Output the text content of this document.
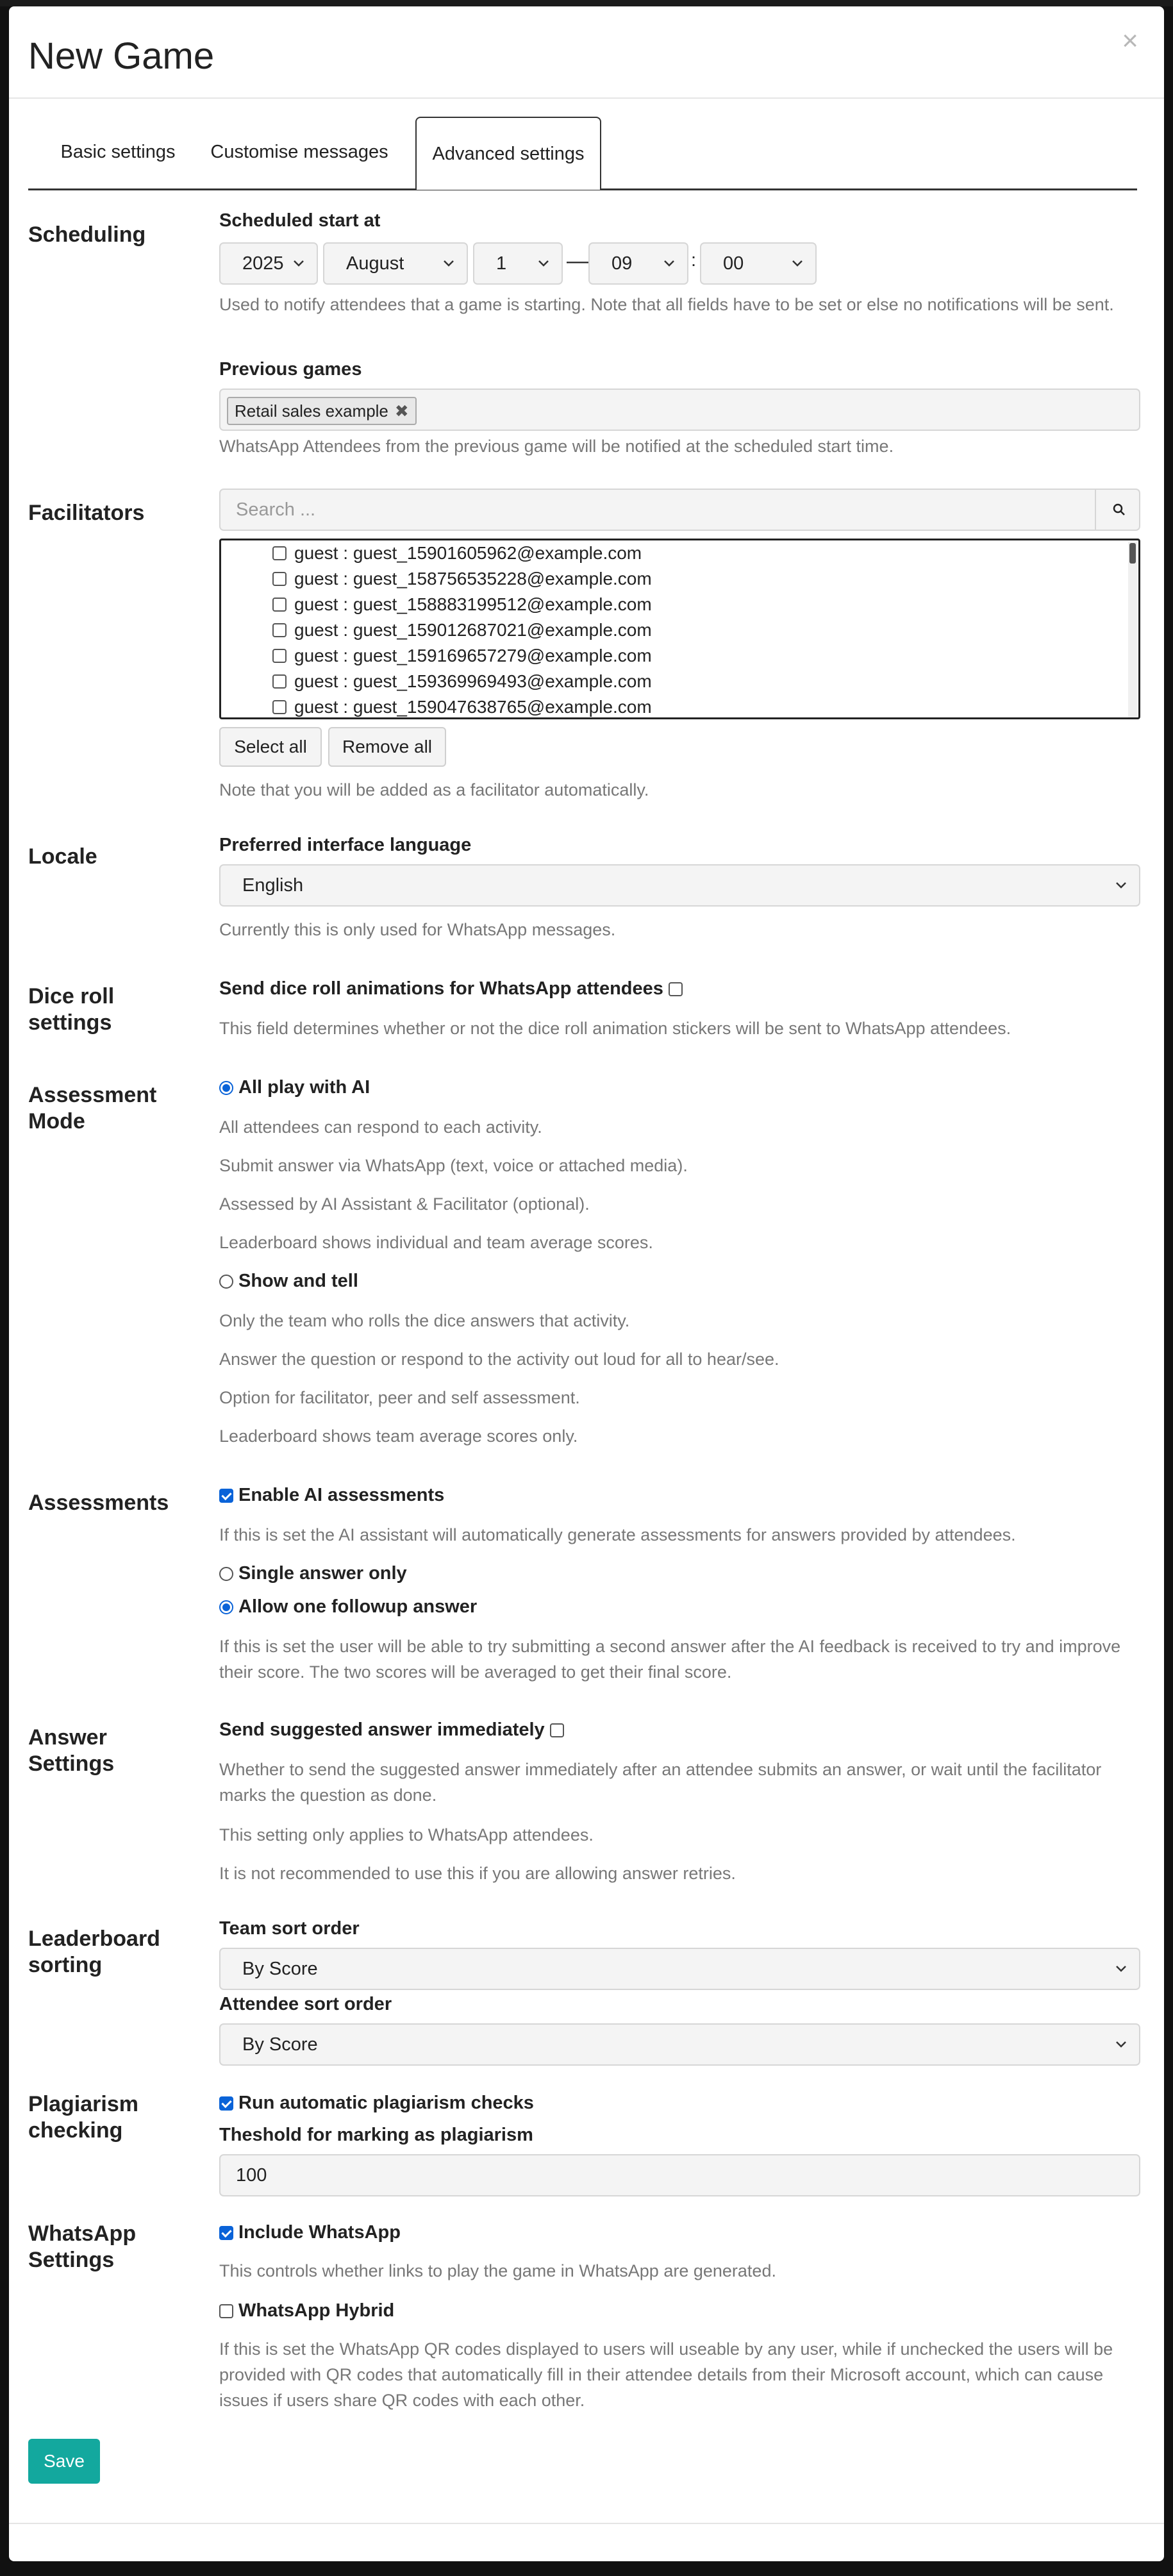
New Game	×
Basic settings	Customise messages	Advanced settings
Scheduling
Scheduled start at
2025	August	1	— 09	: 00
Used to notify attendees that a game is starting. Note that all fields have to be set or else no notifications will be sent.
Previous games
Retail sales example ✖
WhatsApp Attendees from the previous game will be notified at the scheduled start time.
Facilitators	Search ...
guest : guest_15901605962@example.com
guest : guest_158756535228@example.com
guest : guest_158883199512@example.com
guest : guest_159012687021@example.com
guest : guest_159169657279@example.com
guest : guest_159369969493@example.com
guest : guest_159047638765@example.com
Select all	Remove all
Note that you will be added as a facilitator automatically.
Locale	Preferred interface language
English
Currently this is only used for WhatsApp messages.
Dice roll
settings
Send dice roll animations for WhatsApp attendees
This field determines whether or not the dice roll animation stickers will be sent to WhatsApp attendees.
Assessment
Mode
All play with AI
All attendees can respond to each activity.
Submit answer via WhatsApp (text, voice or attached media).
Assessed by AI Assistant & Facilitator (optional).
Leaderboard shows individual and team average scores.
Show and tell
Only the team who rolls the dice answers that activity.
Answer the question or respond to the activity out loud for all to hear/see.
Option for facilitator, peer and self assessment.
Leaderboard shows team average scores only.
Assessments	Enable AI assessments
If this is set the AI assistant will automatically generate assessments for answers provided by attendees.
Single answer only
Allow one followup answer
If this is set the user will be able to try submitting a second answer after the AI feedback is received to try and improve their score. The two scores will be averaged to get their final score.
Answer
Settings
Send suggested answer immediately
Whether to send the suggested answer immediately after an attendee submits an answer, or wait until the facilitator marks the question as done.
This setting only applies to WhatsApp attendees.
It is not recommended to use this if you are allowing answer retries.
Leaderboard
sorting
Team sort order
By Score
Attendee sort order
By Score
Plagiarism
checking
Run automatic plagiarism checks
Theshold for marking as plagiarism
100
WhatsApp
Settings
Include WhatsApp
This controls whether links to play the game in WhatsApp are generated.
WhatsApp Hybrid
If this is set the WhatsApp QR codes displayed to users will useable by any user, while if unchecked the users will be provided with QR codes that automatically fill in their attendee details from their Microsoft account, which can cause issues if users share QR codes with each other.
Save
